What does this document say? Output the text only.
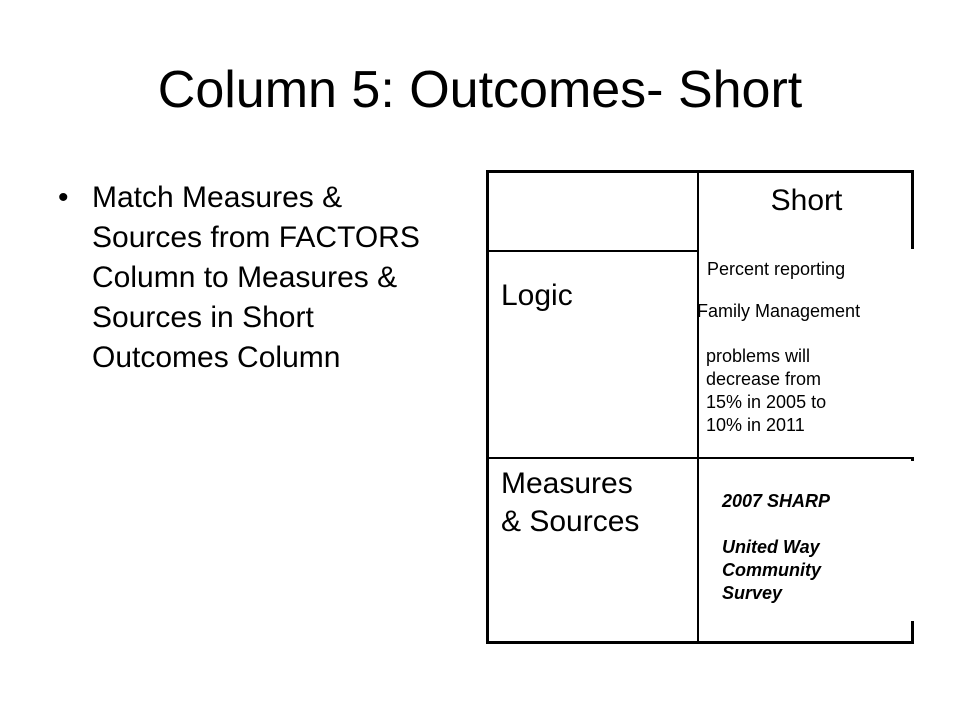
Column 5: Outcomes- Short
• Match Measures & Sources from FACTORS Column to Measures & Sources in Short Outcomes Column
Short
Logic
Measures
& Sources
Percent reporting
Family Management
problems will
decrease from
15% in 2005 to
10% in 2011
2007 SHARP
United Way
Community
Survey
